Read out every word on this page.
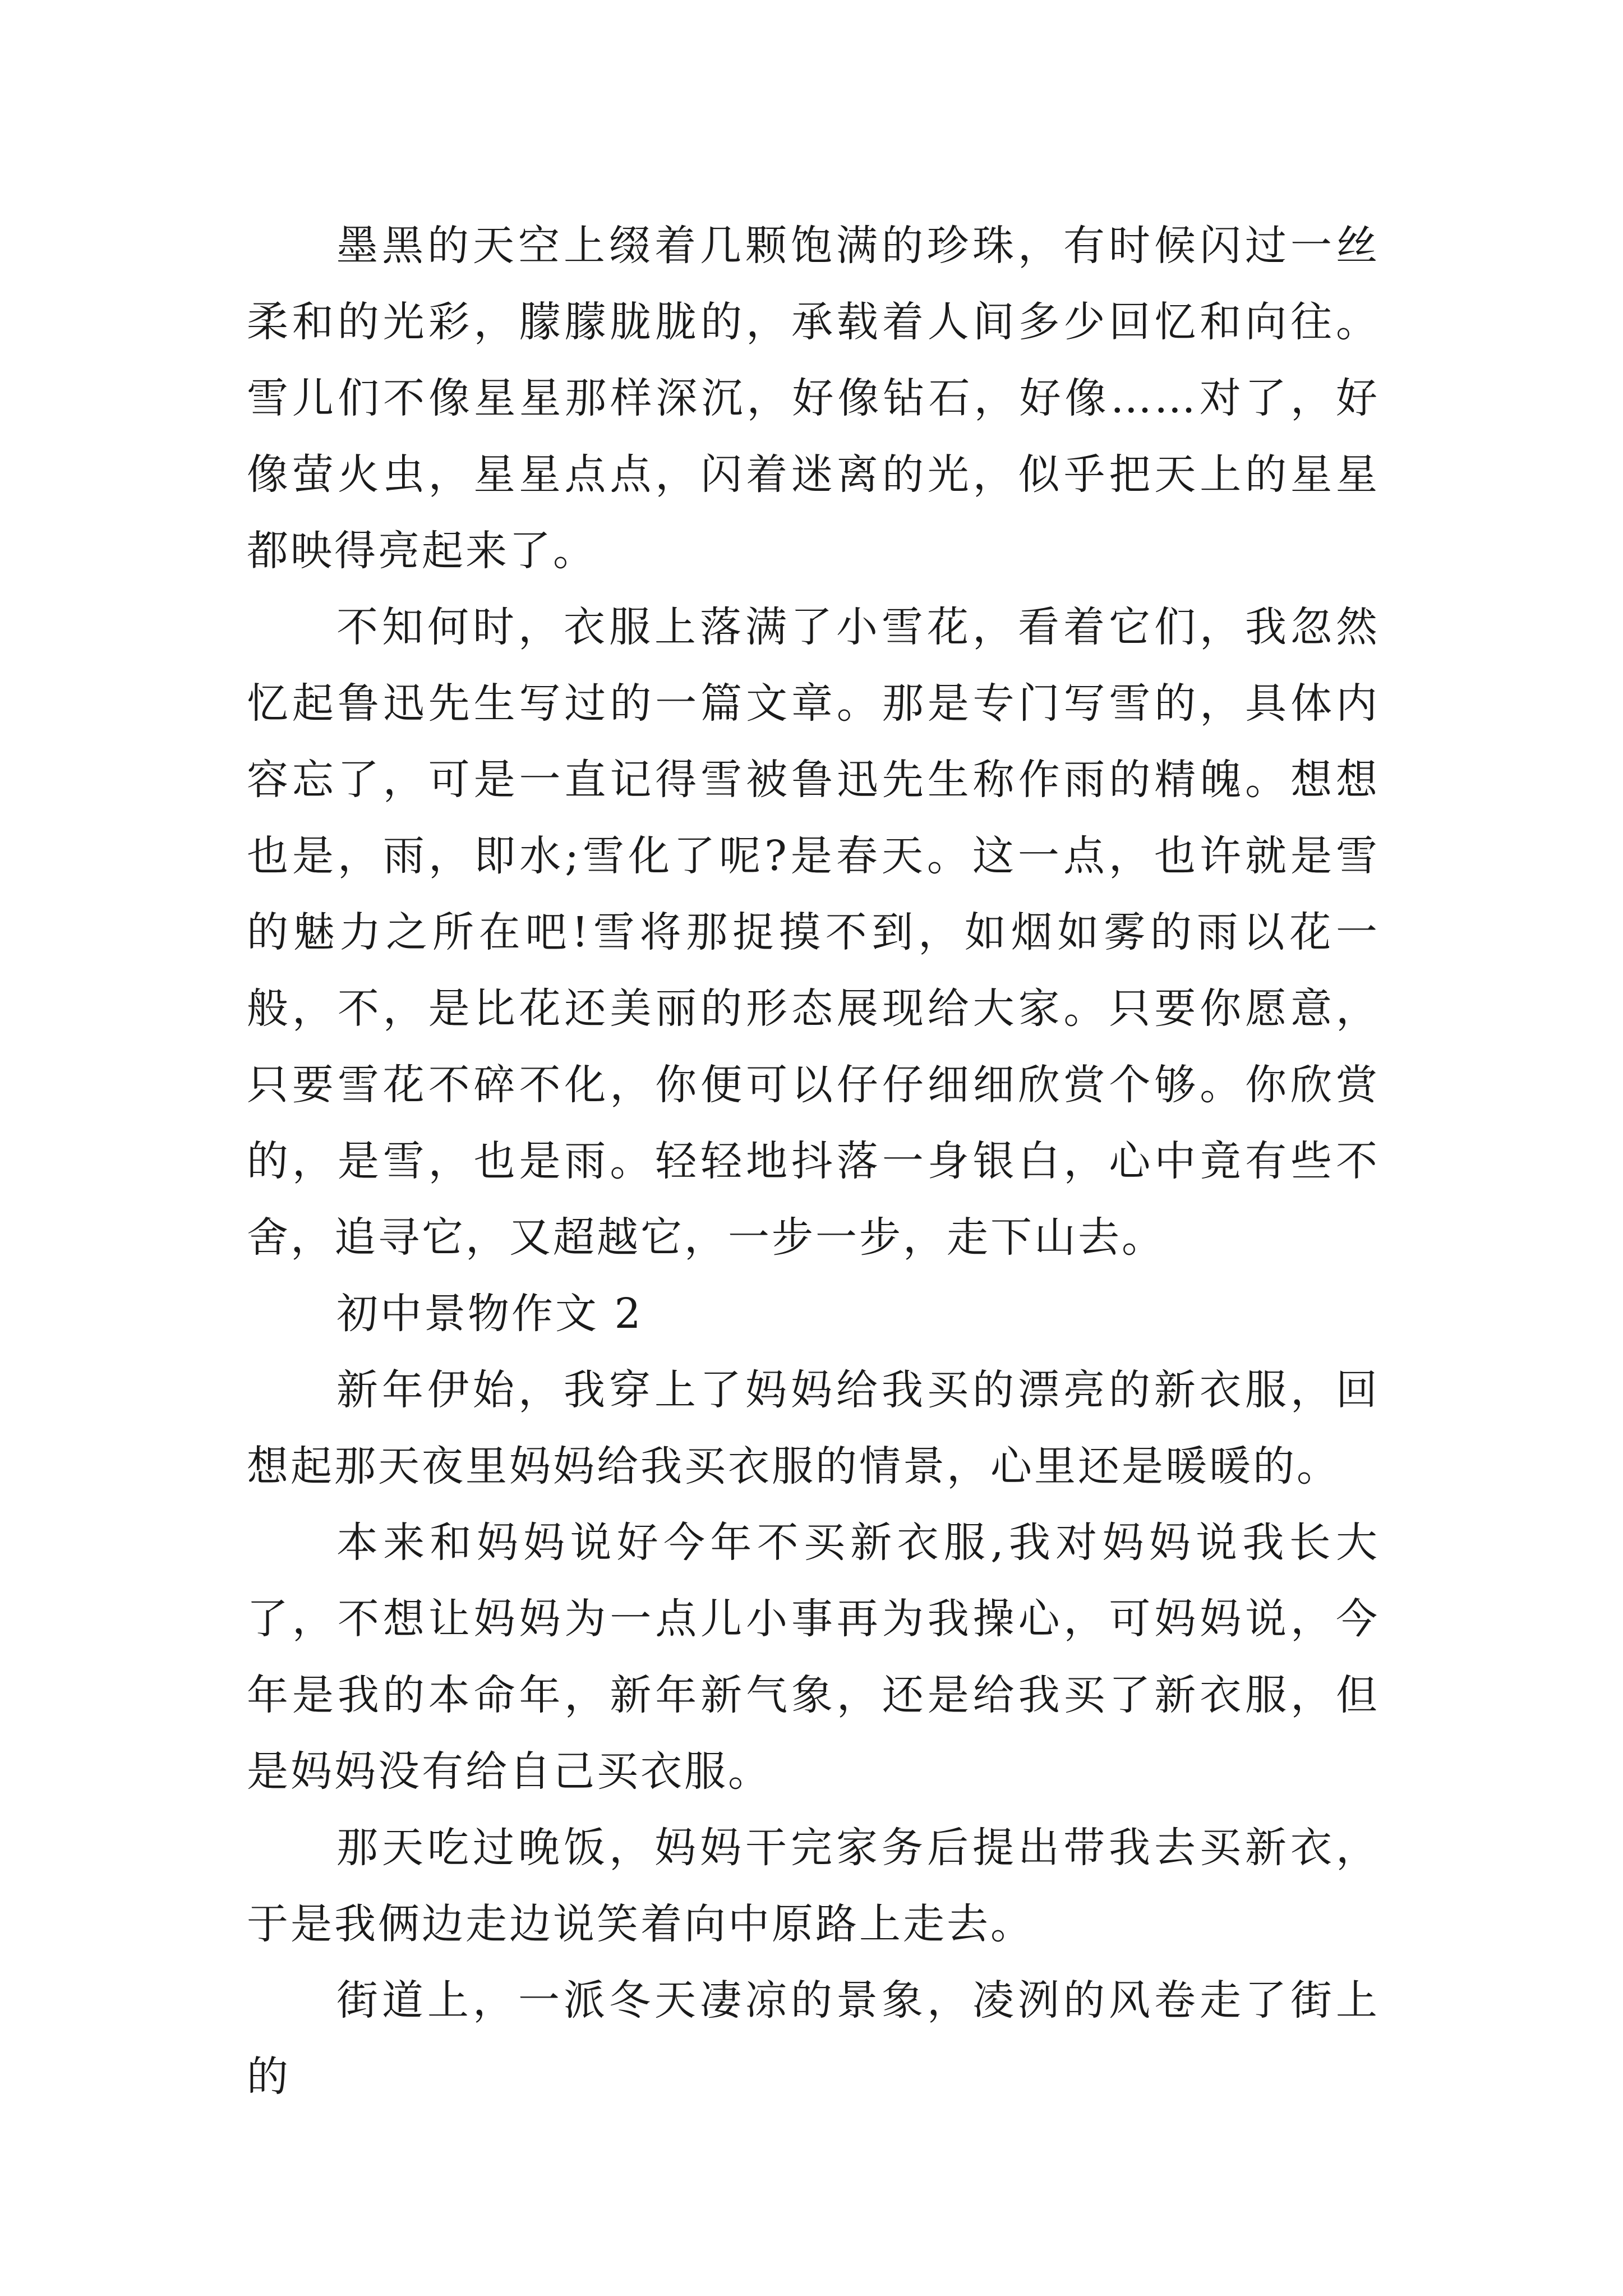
墨黑的天空上缀着几颗饱满的珍珠，有时候闪过一丝柔和的光彩，朦朦胧胧的，承载着人间多少回忆和向往。雪儿们不像星星那样深沉，好像钻石，好像……对了，好像萤火虫，星星点点，闪着迷离的光，似乎把天上的星星都映得亮起来了。

不知何时，衣服上落满了小雪花，看着它们，我忽然忆起鲁迅先生写过的一篇文章。那是专门写雪的，具体内容忘了，可是一直记得雪被鲁迅先生称作雨的精魄。想想也是，雨，即水;雪化了呢?是春天。这一点，也许就是雪的魅力之所在吧!雪将那捉摸不到，如烟如雾的雨以花一般，不，是比花还美丽的形态展现给大家。只要你愿意，只要雪花不碎不化，你便可以仔仔细细欣赏个够。你欣赏的，是雪，也是雨。轻轻地抖落一身银白，心中竟有些不舍，追寻它，又超越它，一步一步，走下山去。

初中景物作文 2

新年伊始，我穿上了妈妈给我买的漂亮的新衣服，回想起那天夜里妈妈给我买衣服的情景，心里还是暖暖的。

本来和妈妈说好今年不买新衣服,我对妈妈说我长大了，不想让妈妈为一点儿小事再为我操心，可妈妈说，今年是我的本命年，新年新气象，还是给我买了新衣服，但是妈妈没有给自己买衣服。

那天吃过晚饭，妈妈干完家务后提出带我去买新衣，于是我俩边走边说笑着向中原路上走去。

街道上，一派冬天凄凉的景象，凌洌的风卷走了街上的
